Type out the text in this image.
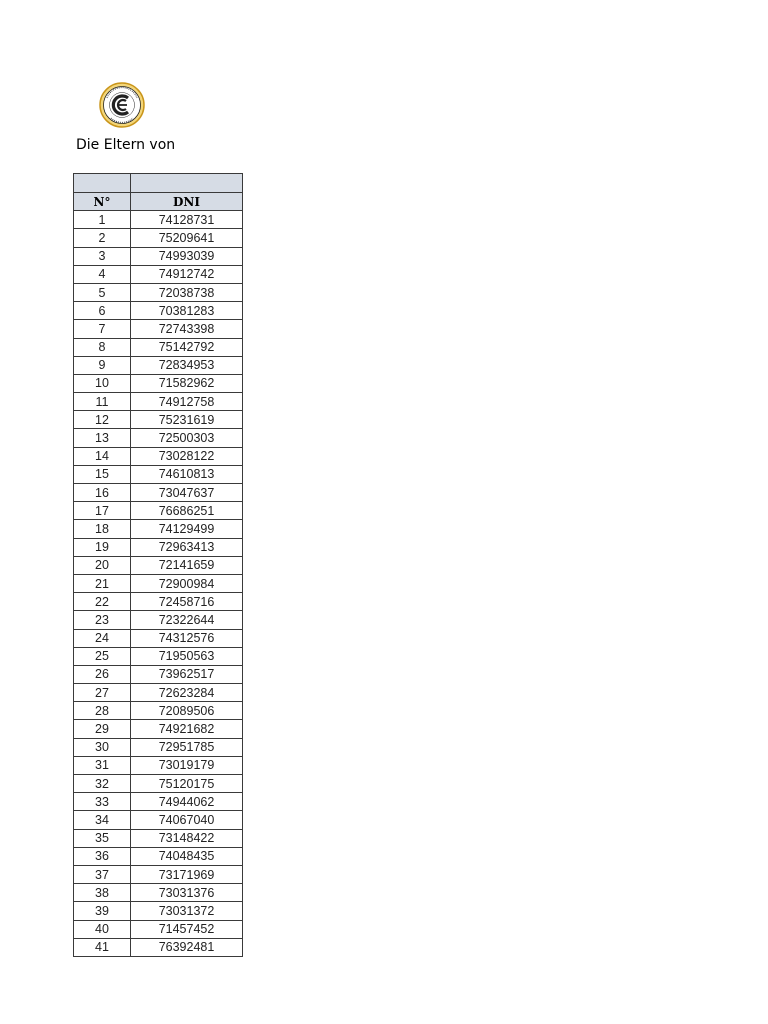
Die Eltern von

N°	DNI
1	74128731
2	75209641
3	74993039
4	74912742
5	72038738
6	70381283
7	72743398
8	75142792
9	72834953
10	71582962
11	74912758
12	75231619
13	72500303
14	73028122
15	74610813
16	73047637
17	76686251
18	74129499
19	72963413
20	72141659
21	72900984
22	72458716
23	72322644
24	74312576
25	71950563
26	73962517
27	72623284
28	72089506
29	74921682
30	72951785
31	73019179
32	75120175
33	74944062
34	74067040
35	73148422
36	74048435
37	73171969
38	73031376
39	73031372
40	71457452
41	76392481
